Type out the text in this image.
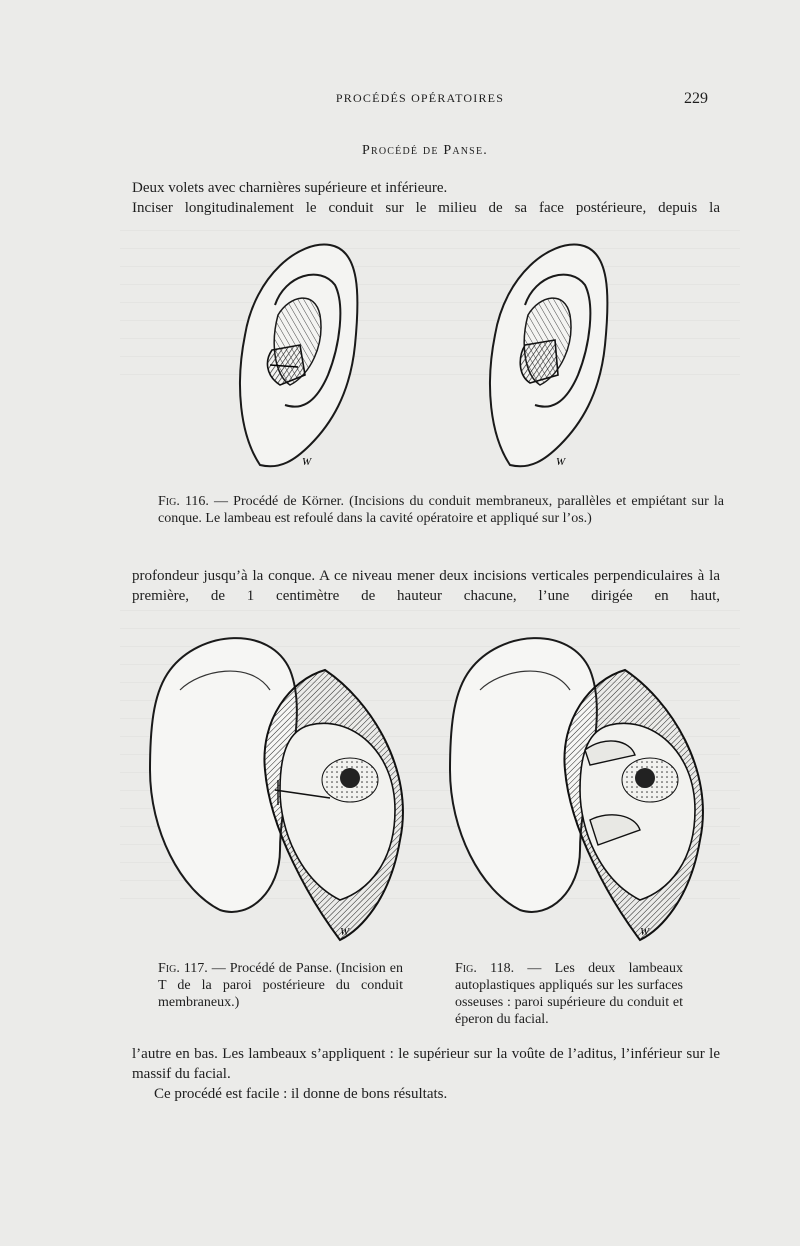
PROCÉDÉS OPÉRATOIRES	229
Procédé de Panse.

Deux volets avec charnières supérieure et inférieure.

Inciser longitudinalement le conduit sur le milieu de sa face postérieure, depuis la

W	W

Fig. 116. — Procédé de Körner. (Incisions du conduit membraneux, parallèles et empiétant sur la conque. Le lambeau est refoulé dans la cavité opératoire et appliqué sur l’os.)

profondeur jusqu’à la conque. A ce niveau mener deux incisions verticales perpendiculaires à la première, de 1 centimètre de hauteur chacune, l’une dirigée en haut,

W	W

Fig. 117. — Procédé de Panse. (Incision en T de la paroi postérieure du conduit membraneux.)

Fig. 118. — Les deux lambeaux autoplastiques appliqués sur les surfaces osseuses : paroi supérieure du conduit et éperon du facial.

l’autre en bas. Les lambeaux s’appliquent : le supérieur sur la voûte de l’aditus, l’inférieur sur le massif du facial.

Ce procédé est facile : il donne de bons résultats.
